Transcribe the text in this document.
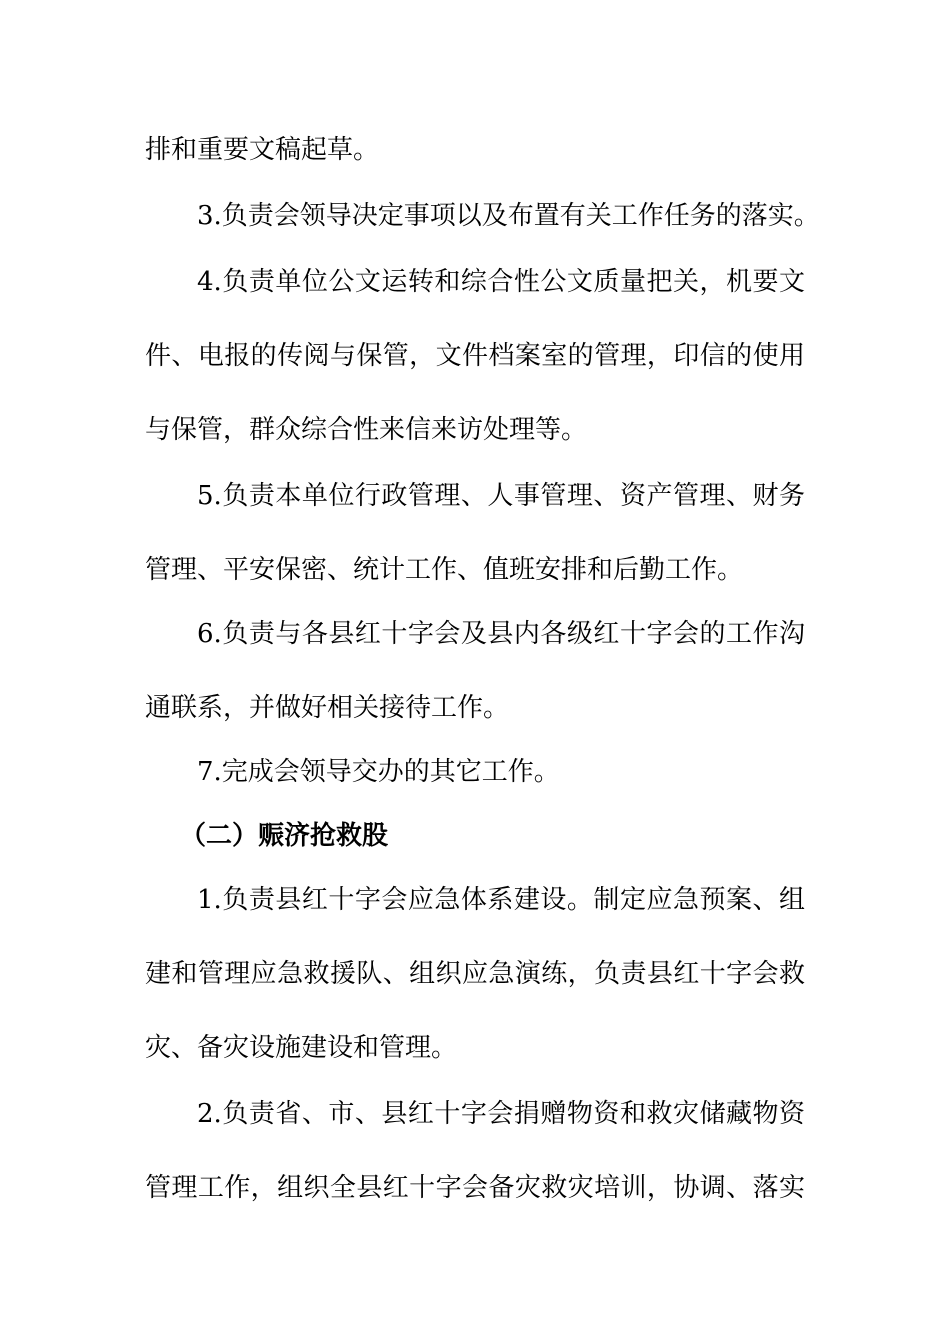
排和重要文稿起草。
3.负责会领导决定事项以及布置有关工作任务的落实。
4.负责单位公文运转和综合性公文质量把关，机要文
件、电报的传阅与保管，文件档案室的管理，印信的使用
与保管，群众综合性来信来访处理等。
5.负责本单位行政管理、人事管理、资产管理、财务
管理、平安保密、统计工作、值班安排和后勤工作。
6.负责与各县红十字会及县内各级红十字会的工作沟
通联系，并做好相关接待工作。
7.完成会领导交办的其它工作。
（二）赈济抢救股
1.负责县红十字会应急体系建设。制定应急预案、组
建和管理应急救援队、组织应急演练，负责县红十字会救
灾、备灾设施建设和管理。
2.负责省、市、县红十字会捐赠物资和救灾储藏物资
管理工作，组织全县红十字会备灾救灾培训，协调、落实
